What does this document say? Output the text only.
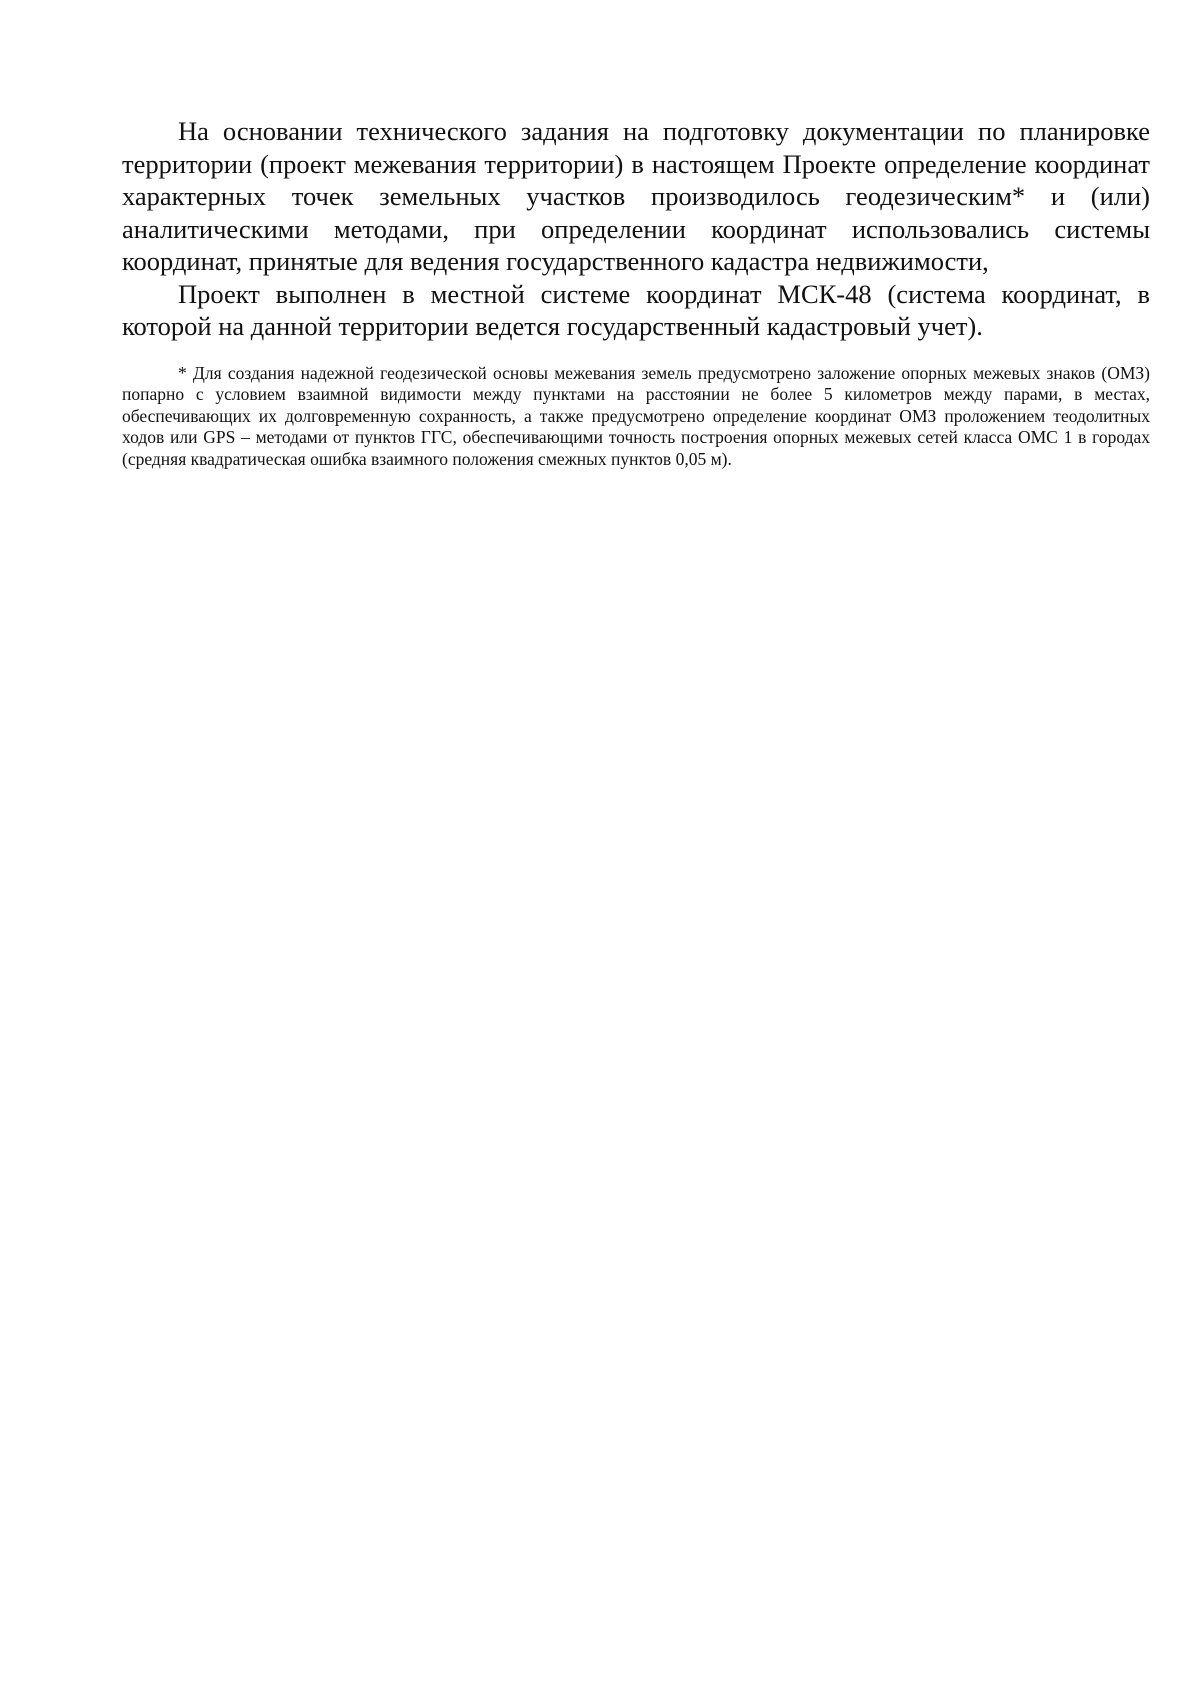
На основании технического задания на подготовку документации по планировке территории (проект межевания территории) в настоящем Проекте определение координат характерных точек земельных участков производилось геодезическим* и (или) аналитическими методами, при определении координат использовались системы координат, принятые для ведения государственного кадастра недвижимости,

Проект выполнен в местной системе координат МСК-48 (система координат, в которой на данной территории ведется государственный кадастровый учет).

* Для создания надежной геодезической основы межевания земель предусмотрено заложение опорных межевых знаков (ОМЗ) попарно с условием взаимной видимости между пунктами на расстоянии не более 5 километров между парами, в местах, обеспечивающих их долговременную сохранность, а также предусмотрено определение координат ОМЗ проложением теодолитных ходов или GPS – методами от пунктов ГГС, обеспечивающими точность построения опорных межевых сетей класса ОМС 1 в городах (средняя квадратическая ошибка взаимного положения смежных пунктов 0,05 м).
